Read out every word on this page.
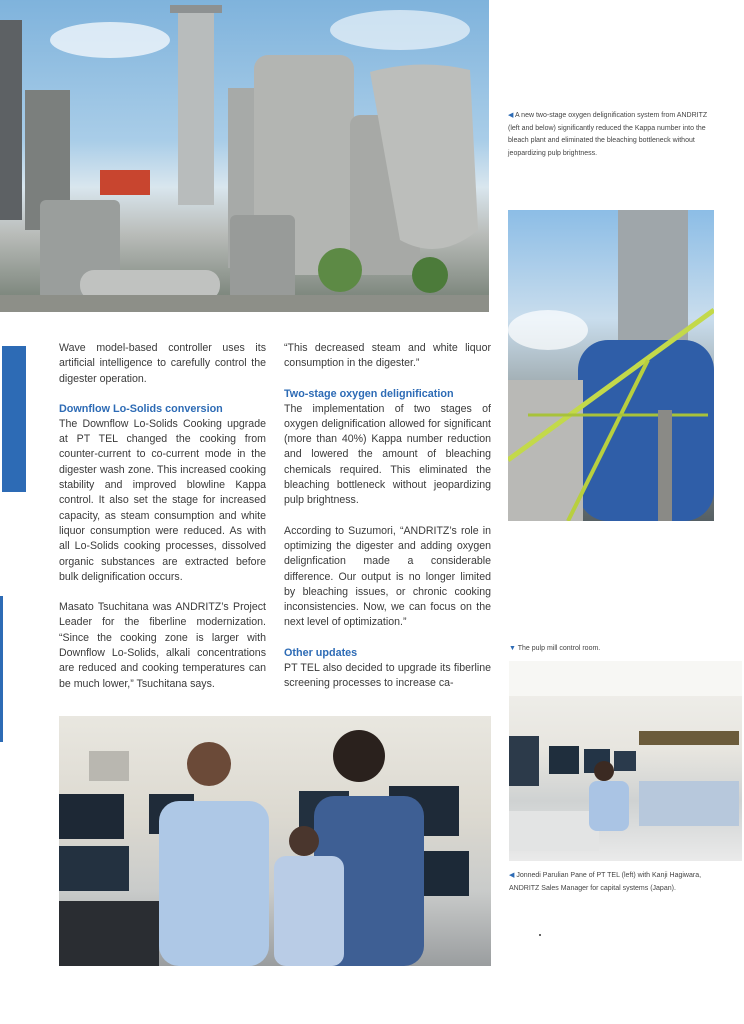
◀ A new two-stage oxygen delignification system from ANDRITZ (left and below) significantly reduced the Kappa number into the bleach plant and eliminated the bleaching bottleneck without jeopardizing pulp brightness.
▼ The pulp mill control room.
◀ Jonnedi Parulian Pane of PT TEL (left) with Kanji Hagiwara, ANDRITZ Sales Manager for capital systems (Japan).

Wave model-based controller uses its artificial intelligence to carefully control the digester operation.

Downflow Lo-Solids conversion

The Downflow Lo-Solids Cooking upgrade at PT TEL changed the cooking from counter-current to co-current mode in the digester wash zone. This increased cooking stability and improved blowline Kappa control. It also set the stage for increased capacity, as steam consumption and white liquor consumption were reduced. As with all Lo-Solids cooking processes, dissolved organic substances are extracted before bulk delignification occurs.

Masato Tsuchitana was ANDRITZ’s Project Leader for the fiberline modernization. “Since the cooking zone is larger with Downflow Lo-Solids, alkali concentrations are reduced and cooking temperatures can be much lower,” Tsuchitana says.

“This decreased steam and white liquor consumption in the digester.”

Two-stage oxygen delignification

The implementation of two stages of oxygen delignification allowed for significant (more than 40%) Kappa number reduction and lowered the amount of bleaching chemicals required. This eliminated the bleaching bottleneck without jeopardizing pulp brightness.

According to Suzumori, “ANDRITZ’s role in optimizing the digester and adding oxygen delignfication made a considerable difference. Our output is no longer limited by bleaching issues, or chronic cooking inconsistencies. Now, we can focus on the next level of optimization.”

Other updates

PT TEL also decided to upgrade its fiberline screening processes to increase ca-
